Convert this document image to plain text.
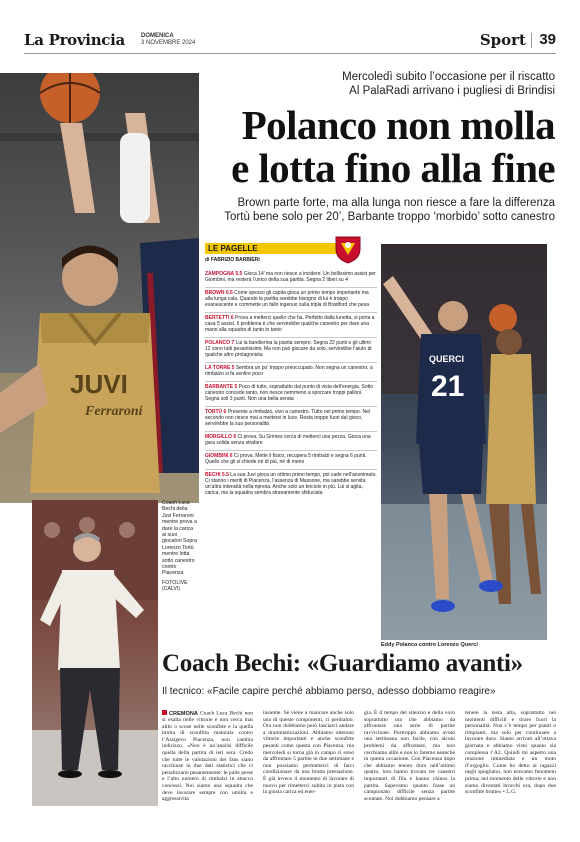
La Provincia	DOMENICA
3 NOVEMBRE 2024	Sport 39
JUVI
Ferraroni
Mercoledì subito l’occasione per il riscatto
Al PalaRadi arrivano i pugliesi di Brindisi
Polanco non molla
e lotta fino alla fine
Brown parte forte, ma alla lunga non riesce a fare la differenza
Tortù bene solo per 20’, Barbante troppo ‘morbido’ sotto canestro
LE PAGELLE
di FABRIZIO BARBIERI
ZAMPOGNA 5.5 Gioca 14’ ma non riesce a incidere. Un bellissimo assist per Giombini, ma resterà l’unico della sua partita. Segna 2 liberi su 4
BROWN 6.5 Come spesso gli capita gioca un primo tempo importante ma alla lunga cala. Quando la partita sarebbe bisogno di lui è troppo evanescente e commette un fallo ingenuo sulla tripla di Bradford che pesa
BERTETTI 6 Prova a metterci quello che ha. Perfetto dalla lunetta, si porta a casa 5 assist. Il problema è che servirebbe qualche canestro per dare una mano alla squadra di tanto in tanto
POLANCO 7 Lui la bandierina la pianta sempre. Segna 22 punti e gli ultimi 12 sono tutti pesantissimi. Ma non può giocare da solo, servirebbe l’aiuto di qualche altro protagonista
LA TORRE 5 Sembra un po’ troppo preoccupato. Non segna un canestro, a rimbalzo si fa sentire poco
BARBANTE 5 Poco di tutto, soprattutto dal punto di vista dell’energia. Sotto canestro concede tanto, non riesce nemmeno a sporcare troppi palloni. Segna soli 3 punti. Non una bella serata
TORTÙ 6 Presente a rimbalzo, vivo a canestro. Tutto nel primo tempo. Nel secondo non riesce mai a mettersi in luce. Resta troppo fuori dal gioco, servirebbe la sua personalità
MORGILLO 6 Ci prova. Su Grimes cerca di metterci una pezza. Gioca una gara solida senza strafare
GIOMBINI 6 Ci prova. Mette il fisico, recupera 5 rimbalzi e segna 6 punti. Quello che gli si chiede né di più, né di meno
BECHI 5.5 La sua Juvi gioca un ottimo primo tempo, poi cade nell’anonimato. Ci stanno i meriti di Piacenza, l’assenza di Massone, ma sarebbe servita un’altra intensità nella ripresa. Anche solo un briciolo in più. Lui si agita, carica, ma la squadra sembra stranamente sfiduciata
QUERCI
21
Coach Luca Bechi della Juvi Ferraroni mentre prova a dare la carica ai suoi giocatori Sopra Lorenzo Tortù mentre lotta sotto canestro contro Piacenza
FOTOLIVE (CALVI)
Eddy Polanco contro Lorenzo Querci
Coach Bechi: «Guardiamo avanti»
Il tecnico: «Facile capire perché abbiamo perso, adesso dobbiamo reagire»
CREMONA Coach Luca Bechi non si esalta nelle vittorie e non cerca mai alibi o scuse nelle sconfitte e la quella brutta di sconfitta maturata contro l’Assigeco Piacenza, non cambia indirizzo. «Non è un’analisi difficile quella della partita di ieri sera. Credo che tutte le valutazioni dei fans siano racchiuse in due dati statistici che ci penalizzano pesantemente: le palle perse e l’alto numero di rimbalzi in attacco concessi. Noi siamo una squadra che deve lavorare sempre con umiltà e aggressività
insieme. Se viene a mancare anche solo una di queste componenti, ci perdiamo. Ora non dobbiamo però lasciarci andare a drammatizzazioni. Abbiamo ottenuto vittorie importanti e anche sconfitte pesanti come questa con Piacenza, ma mercoledì si torna già in campo ci sono da affrontare 5 partite in due settimane e non possiamo permetterci di farci condizionare da una brutta prestazione. È già invece il momento di lavorare di nuovo per rimetterci subito in pista con la giusta carica ed ener-
gia. È il tempo del silenzio e della voro soprattutto ora che abbiamo da affrontare una serie di partite ravvicinate. Purtroppo abbiamo avuto una settimana non facile, con alcuni problemi da affrontare, ma non cerchiamo alibi e non lo faremo neanche in questa occasione. Con Piacenza dopo che abbiamo tenuto duro nell’ultimo quarto, loro hanno trovato tre canestri importanti di fila e hanno chiuso la partita. Sapevamo quanto fosse un campionato difficile senza partite scontate. Noi dobbiamo pensare a
tenere la testa alta, soprattutto nei momenti difficili e tirare fuori la personalità. Non c’è tempo per pianti o rimpianti, ma solo per continuare a lavorare duro. Siamo arrivati all’ottava giornata e abbiamo visto quanto sia complessa l’A2. Quindi mi aspetto una reazione immediata e un moto d’orgoglio. Come ho detto ai ragazzi negli spogliatoi, non eravamo fenomeni prima, nel momento delle vittorie e non siamo diventati brocchi ora, dopo due sconfitte brutte» • L.G.
